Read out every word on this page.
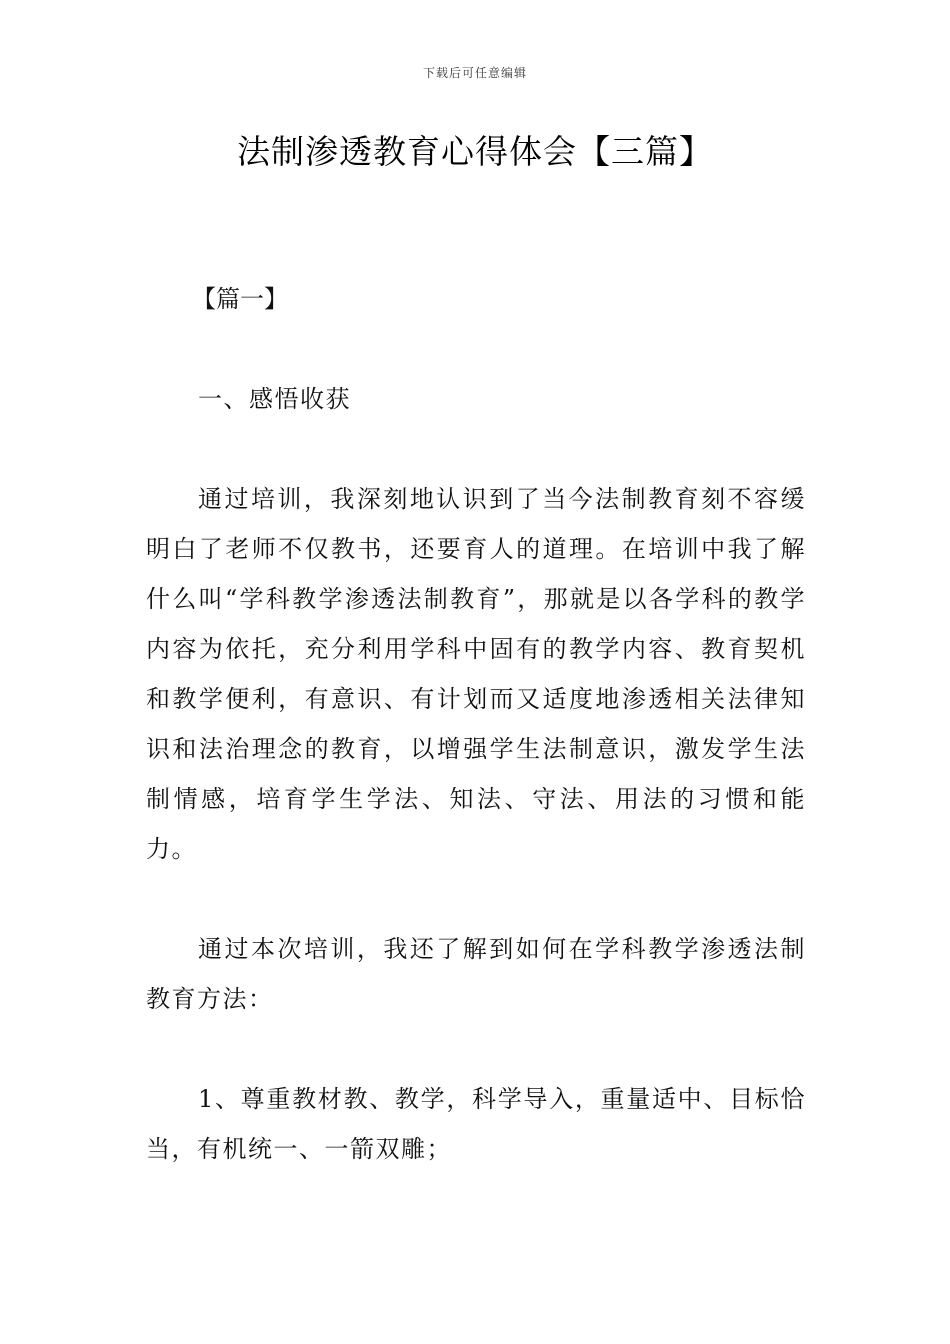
下载后可任意编辑
法制渗透教育心得体会【三篇】
【篇一】
一、感悟收获
通过培训，我深刻地认识到了当今法制教育刻不容缓明白了老师不仅教书，还要育人的道理。在培训中我了解什么叫“学科教学渗透法制教育”，那就是以各学科的教学内容为依托，充分利用学科中固有的教学内容、教育契机和教学便利，有意识、有计划而又适度地渗透相关法律知识和法治理念的教育，以增强学生法制意识，激发学生法制情感，培育学生学法、知法、守法、用法的习惯和能力。
通过本次培训，我还了解到如何在学科教学渗透法制教育方法：
1、尊重教材教、教学，科学导入，重量适中、目标恰当，有机统一、一箭双雕；
